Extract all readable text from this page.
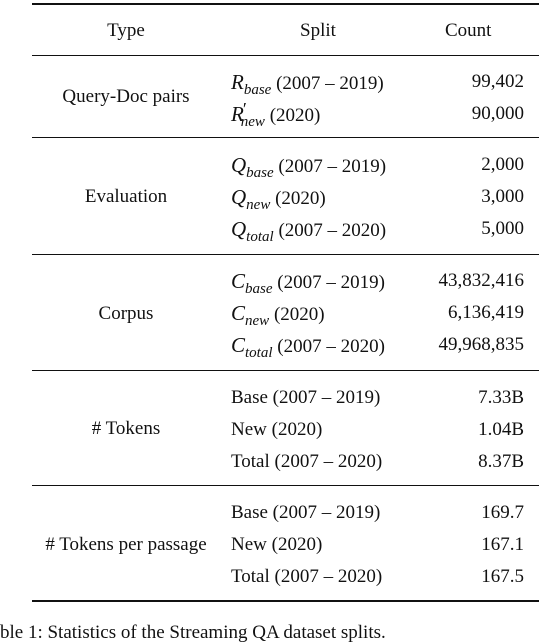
Type	Split	Count
Query-Doc pairs
$R_{base}$ (2007 – 2019)	99,402
$R'_{new}$ (2020)	90,000
Evaluation
$Q_{base}$ (2007 – 2019)	2,000
$Q_{new}$ (2020)	3,000
$Q_{total}$ (2007 – 2020)	5,000
Corpus
$C_{base}$ (2007 – 2019)	43,832,416
$C_{new}$ (2020)	6,136,419
$C_{total}$ (2007 – 2020)	49,968,835
# Tokens
Base (2007 – 2019)	7.33B
New (2020)	1.04B
Total (2007 – 2020)	8.37B
# Tokens per passage
Base (2007 – 2019)	169.7
New (2020)	167.1
Total (2007 – 2020)	167.5
ble 1: Statistics of the Streaming QA dataset splits.
